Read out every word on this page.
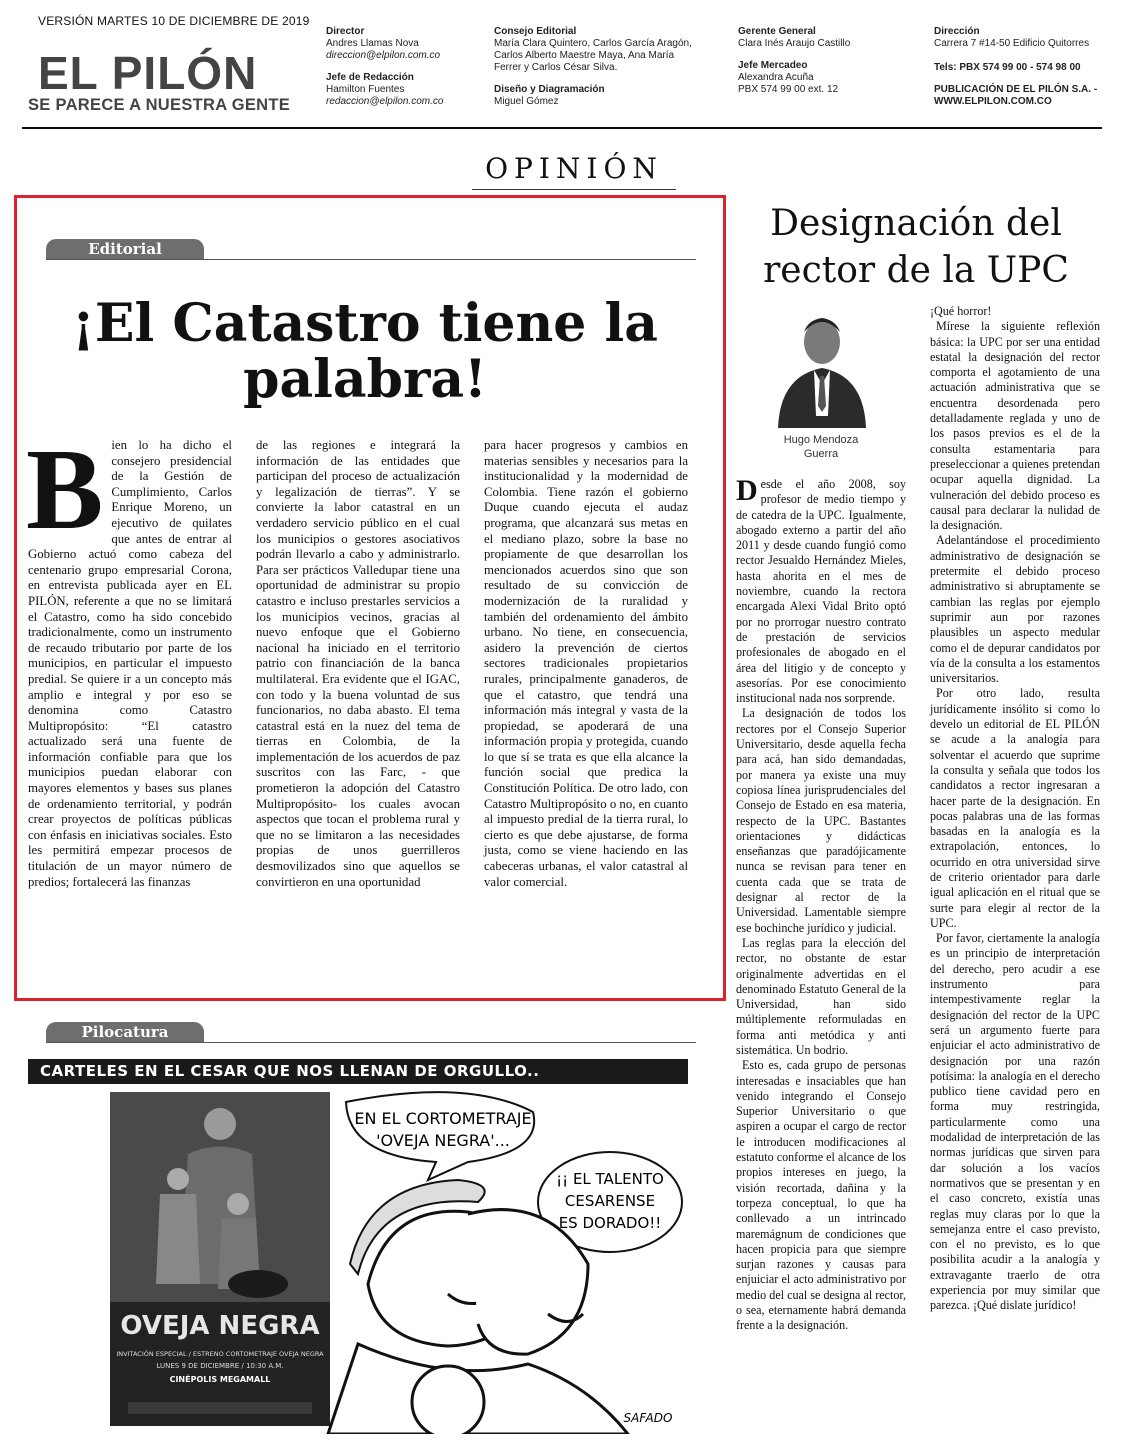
VERSIÓN MARTES 10 DE DICIEMBRE DE 2019
EL PILÓN
SE PARECE A NUESTRA GENTE
Director
Andres Llamas Nova
direccion@elpilon.com.co
Jefe de Redacción
Hamilton Fuentes
redaccion@elpilon.com.co
Consejo Editorial
María Clara Quintero, Carlos García Aragón,
Carlos Alberto Maestre Maya, Ana María
Ferrer y Carlos César Silva.
Diseño y Diagramación
Miguel Gómez
Gerente General
Clara Inés Araujo Castillo
Jefe Mercadeo
Alexandra Acuña
PBX 574 99 00 ext. 12
Dirección
Carrera 7 #14-50 Edificio Quitorres
Tels: PBX 574 99 00 - 574 98 00
PUBLICACIÓN DE EL PILÓN S.A. -
WWW.ELPILON.COM.CO
OPINIÓN
Editorial
¡El Catastro tiene la
palabra!
B ien lo ha dicho el consejero presidencial de la Gestión de Cumplimiento, Carlos Enrique Moreno, un ejecutivo de quilates que antes de entrar al Gobierno actuó como cabeza del centenario grupo empresarial Corona, en entrevista publicada ayer en EL PILÓN, referente a que no se limitará el Catastro, como ha sido concebido tradicionalmente, como un instrumento de recaudo tributario por parte de los municipios, en particular el impuesto predial. Se quiere ir a un concepto más amplio e integral y por eso se denomina como Catastro Multipropósito: “El catastro actualizado será una fuente de información confiable para que los municipios puedan elaborar con mayores elementos y bases sus planes de ordenamiento territorial, y podrán crear proyectos de políticas públicas con énfasis en iniciativas sociales. Esto les permitirá empezar procesos de titulación de un mayor número de predios; fortalecerá las finanzas

de las regiones e integrará la información de las entidades que participan del proceso de actualización y legalización de tierras”. Y se convierte la labor catastral en un verdadero servicio público en el cual los municipios o gestores asociativos podrán llevarlo a cabo y administrarlo. Para ser prácticos Valledupar tiene una oportunidad de administrar su propio catastro e incluso prestarles servicios a los municipios vecinos, gracias al nuevo enfoque que el Gobierno nacional ha iniciado en el territorio patrio con financiación de la banca multilateral. Era evidente que el IGAC, con todo y la buena voluntad de sus funcionarios, no daba abasto. El tema catastral está en la nuez del tema de tierras en Colombia, de la implementación de los acuerdos de paz suscritos con las Farc, - que prometieron la adopción del Catastro Multipropósito- los cuales avocan aspectos que tocan el problema rural y que no se limitaron a las necesidades propias de unos guerrilleros desmovilizados sino que aquellos se convirtieron en una oportunidad

para hacer progresos y cambios en materias sensibles y necesarios para la institucionalidad y la modernidad de Colombia. Tiene razón el gobierno Duque cuando ejecuta el audaz programa, que alcanzará sus metas en el mediano plazo, sobre la base no propiamente de que desarrollan los mencionados acuerdos sino que son resultado de su convicción de modernización de la ruralidad y también del ordenamiento del ámbito urbano. No tiene, en consecuencia, asidero la prevención de ciertos sectores tradicionales propietarios rurales, principalmente ganaderos, de que el catastro, que tendrá una información más integral y vasta de la propiedad, se apoderará de una información propia y protegida, cuando lo que sí se trata es que ella alcance la función social que predica la Constitución Política. De otro lado, con Catastro Multipropósito o no, en cuanto al impuesto predial de la tierra rural, lo cierto es que debe ajustarse, de forma justa, como se viene haciendo en las cabeceras urbanas, el valor catastral al valor comercial.

Pilocatura
CARTELES EN EL CESAR QUE NOS LLENAN DE ORGULLO..
OVEJA NEGRA
INVITACIÓN ESPECIAL / ESTRENO CORTOMETRAJE OVEJA NEGRA
LUNES 9 DE DICIEMBRE / 10:30 A.M.
CINÉPOLIS MEGAMALL
EN EL CORTOMETRAJE
'OVEJA NEGRA'...
¡¡ EL TALENTO
CESARENSE
ES DORADO!!
SAFADO
Designación del
rector de la UPC
Hugo Mendoza
Guerra
D esde el año 2008, soy profesor de medio tiempo y de catedra de la UPC. Igualmente, abogado externo a partir del año 2011 y desde cuando fungió como rector Jesualdo Hernández Mieles, hasta ahorita en el mes de noviembre, cuando la rectora encargada Alexi Vidal Brito optó por no prorrogar nuestro contrato de prestación de servicios profesionales de abogado en el área del litigio y de concepto y asesorías. Por ese conocimiento institucional nada nos sorprende.

La designación de todos los rectores por el Consejo Superior Universitario, desde aquella fecha para acá, han sido demandadas, por manera ya existe una muy copiosa línea jurisprudenciales del Consejo de Estado en esa materia, respecto de la UPC. Bastantes orientaciones y didácticas enseñanzas que paradójicamente nunca se revisan para tener en cuenta cada que se trata de designar al rector de la Universidad. Lamentable siempre ese bochinche jurídico y judicial.

Las reglas para la elección del rector, no obstante de estar originalmente advertidas en el denominado Estatuto General de la Universidad, han sido múltiplemente reformuladas en forma anti metódica y anti sistemática. Un bodrio.

Esto es, cada grupo de personas interesadas e insaciables que han venido integrando el Consejo Superior Universitario o que aspiren a ocupar el cargo de rector le introducen modificaciones al estatuto conforme el alcance de los propios intereses en juego, la visión recortada, dañina y la torpeza conceptual, lo que ha conllevado a un intrincado maremágnum de condiciones que hacen propicia para que siempre surjan razones y causas para enjuiciar el acto administrativo por medio del cual se designa al rector, o sea, eternamente habrá demanda frente a la designación.

¡Qué horror!

Mírese la siguiente reflexión básica: la UPC por ser una entidad estatal la designación del rector comporta el agotamiento de una actuación administrativa que se encuentra desordenada pero detalladamente reglada y uno de los pasos previos es el de la consulta estamentaria para preseleccionar a quienes pretendan ocupar aquella dignidad. La vulneración del debido proceso es causal para declarar la nulidad de la designación.

Adelantándose el procedimiento administrativo de designación se pretermite el debido proceso administrativo si abruptamente se cambian las reglas por ejemplo suprimir aun por razones plausibles un aspecto medular como el de depurar candidatos por vía de la consulta a los estamentos universitarios.

Por otro lado, resulta jurídicamente insólito si como lo develo un editorial de EL PILÓN se acude a la analogía para solventar el acuerdo que suprime la consulta y señala que todos los candidatos a rector ingresaran a hacer parte de la designación. En pocas palabras una de las formas basadas en la analogía es la extrapolación, entonces, lo ocurrido en otra universidad sirve de criterio orientador para darle igual aplicación en el ritual que se surte para elegir al rector de la UPC.

Por favor, ciertamente la analogía es un principio de interpretación del derecho, pero acudir a ese instrumento para intempestivamente reglar la designación del rector de la UPC será un argumento fuerte para enjuiciar el acto administrativo de designación por una razón potísima: la analogía en el derecho publico tiene cavidad pero en forma muy restringida, particularmente como una modalidad de interpretación de las normas jurídicas que sirven para dar solución a los vacíos normativos que se presentan y en el caso concreto, existía unas reglas muy claras por lo que la semejanza entre el caso previsto, con el no previsto, es lo que posibilita acudir a la analogía y extravagante traerlo de otra experiencia por muy similar que parezca. ¡Qué dislate jurídico!
